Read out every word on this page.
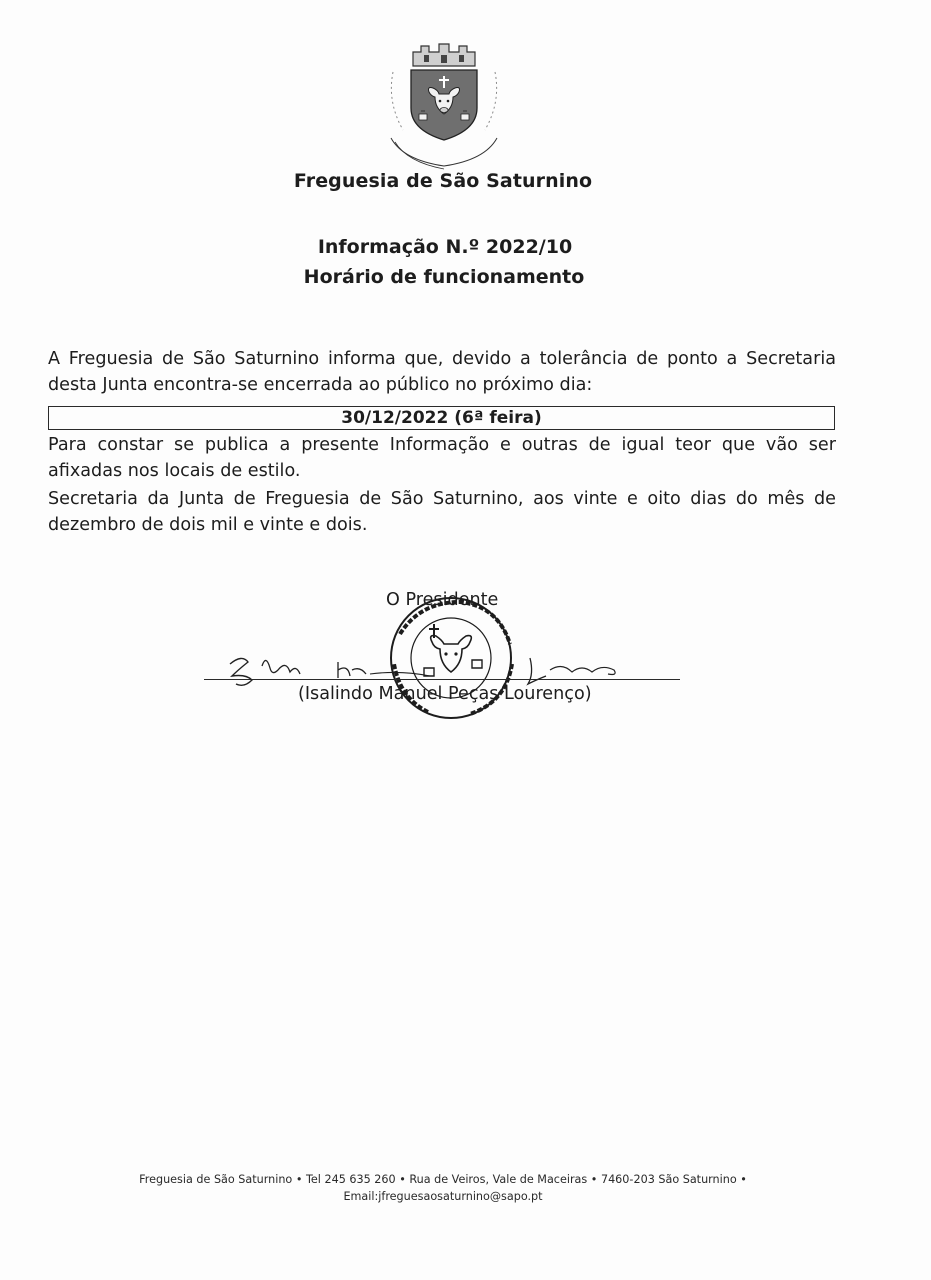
Freguesia de São Saturnino
Informação N.º 2022/10
Horário de funcionamento
A Freguesia de São Saturnino informa que, devido a tolerância de ponto a Secretaria desta Junta encontra-se encerrada ao público no próximo dia:
30/12/2022 (6ª feira)
Para constar se publica a presente Informação e outras de igual teor que vão ser afixadas nos locais de estilo.
Secretaria da Junta de Freguesia de São Saturnino, aos vinte e oito dias do mês de dezembro de dois mil e vinte e dois.
O Presidente
(Isalindo Manuel Peças Lourenço)
Freguesia de São Saturnino • Tel 245 635 260 • Rua de Veiros, Vale de Maceiras • 7460-203 São Saturnino •
Email:jfreguesaosaturnino@sapo.pt
